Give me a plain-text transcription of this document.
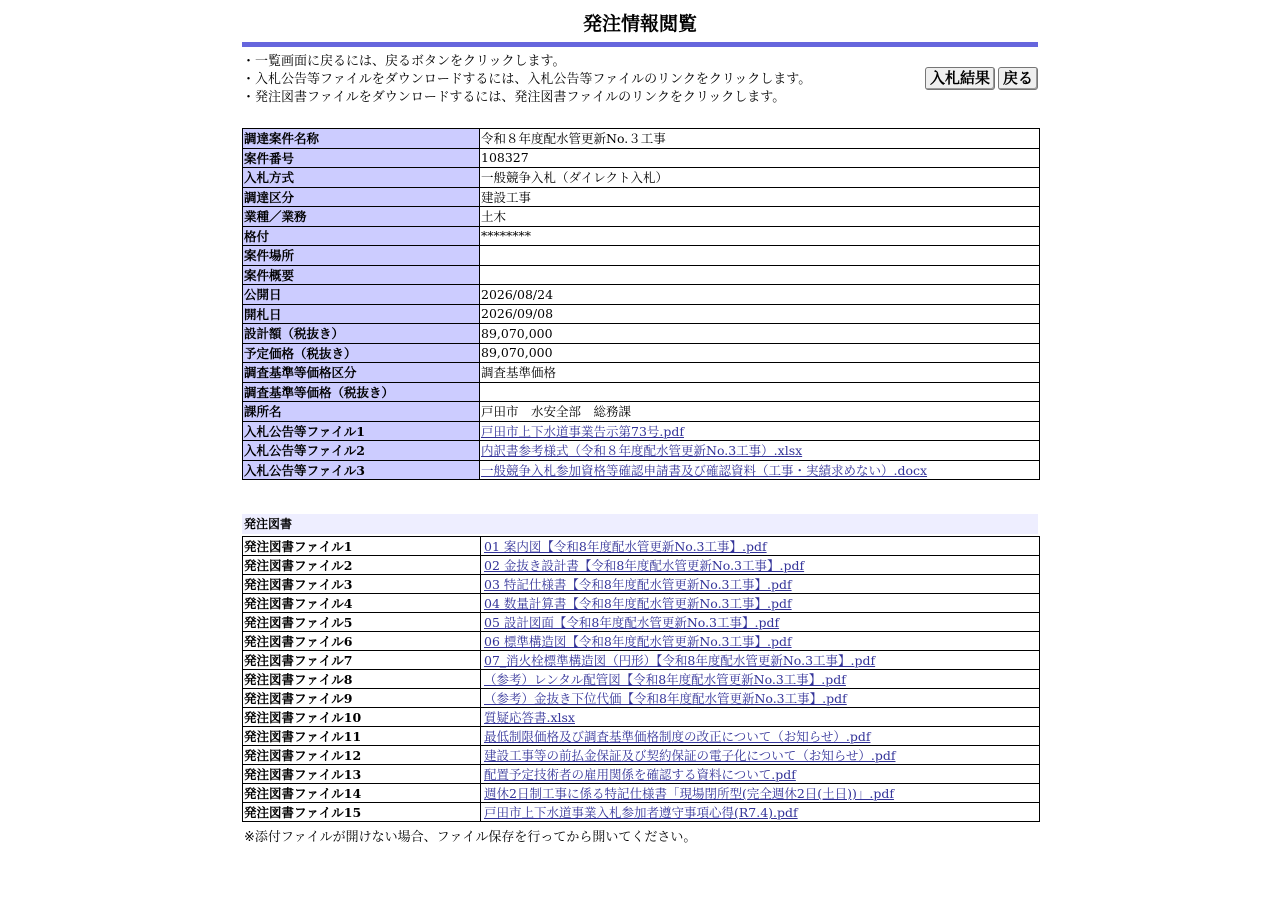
発注情報閲覧
・一覧画面に戻るには、戻るボタンをクリックします。
・入札公告等ファイルをダウンロードするには、入札公告等ファイルのリンクをクリックします。
・発注図書ファイルをダウンロードするには、発注図書ファイルのリンクをクリックします。
入札結果 戻る
調達案件名称	令和８年度配水管更新No.３工事
案件番号	108327
入札方式	一般競争入札（ダイレクト入札）
調達区分	建設工事
業種／業務	土木
格付	********
案件場所	
案件概要	
公開日	2026/08/24
開札日	2026/09/08
設計額（税抜き）	89,070,000
予定価格（税抜き）	89,070,000
調査基準等価格区分	調査基準価格
調査基準等価格（税抜き）	
課所名	戸田市　水安全部　総務課
入札公告等ファイル1	戸田市上下水道事業告示第73号.pdf
入札公告等ファイル2	内訳書参考様式（令和８年度配水管更新No.3工事）.xlsx
入札公告等ファイル3	一般競争入札参加資格等確認申請書及び確認資料（工事・実績求めない）.docx
発注図書
発注図書ファイル1	01 案内図【令和8年度配水管更新No.3工事】.pdf
発注図書ファイル2	02 金抜き設計書【令和8年度配水管更新No.3工事】.pdf
発注図書ファイル3	03 特記仕様書【令和8年度配水管更新No.3工事】.pdf
発注図書ファイル4	04 数量計算書【令和8年度配水管更新No.3工事】.pdf
発注図書ファイル5	05 設計図面【令和8年度配水管更新No.3工事】.pdf
発注図書ファイル6	06 標準構造図【令和8年度配水管更新No.3工事】.pdf
発注図書ファイル7	07_消火栓標準構造図（円形）【令和8年度配水管更新No.3工事】.pdf
発注図書ファイル8	（参考）レンタル配管図【令和8年度配水管更新No.3工事】.pdf
発注図書ファイル9	（参考）金抜き下位代価【令和8年度配水管更新No.3工事】.pdf
発注図書ファイル10	質疑応答書.xlsx
発注図書ファイル11	最低制限価格及び調査基準価格制度の改正について（お知らせ）.pdf
発注図書ファイル12	建設工事等の前払金保証及び契約保証の電子化について（お知らせ）.pdf
発注図書ファイル13	配置予定技術者の雇用関係を確認する資料について.pdf
発注図書ファイル14	週休2日制工事に係る特記仕様書「現場閉所型(完全週休2日(土日))」.pdf
発注図書ファイル15	戸田市上下水道事業入札参加者遵守事項心得(R7.4).pdf
※添付ファイルが開けない場合、ファイル保存を行ってから開いてください。
